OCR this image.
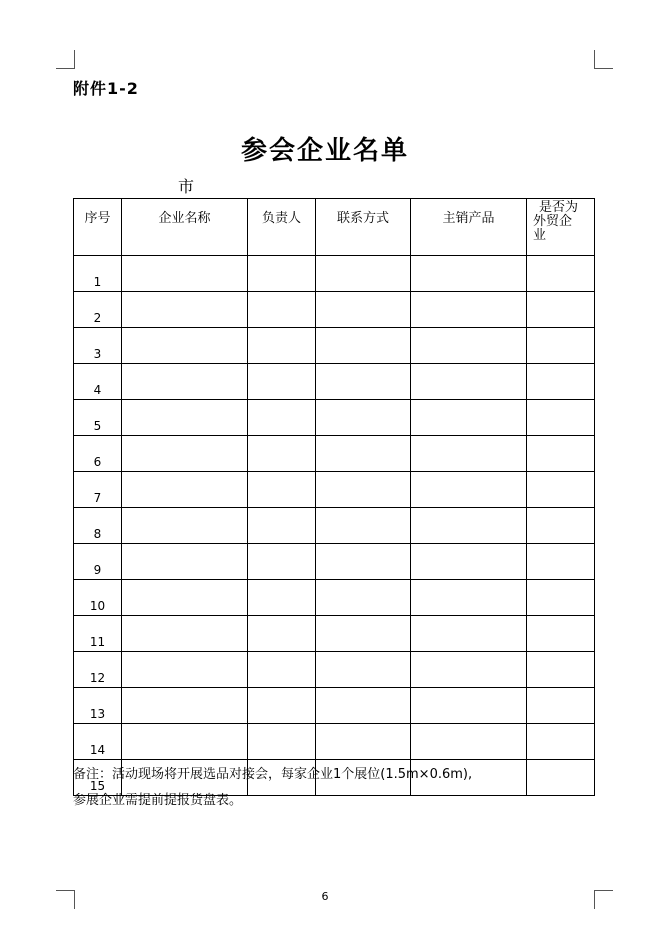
附件1-2
参会企业名单
市
序号	企业名称	负责人	联系方式	主销产品	是否为
外贸企
业

1					
2					
3					
4					
5					
6					
7					
8					
9					
10					
11					
12					
13					
14					
15					
备注：活动现场将开展选品对接会，每家企业1个展位(1.5m×0.6m),
参展企业需提前提报货盘表。
6
